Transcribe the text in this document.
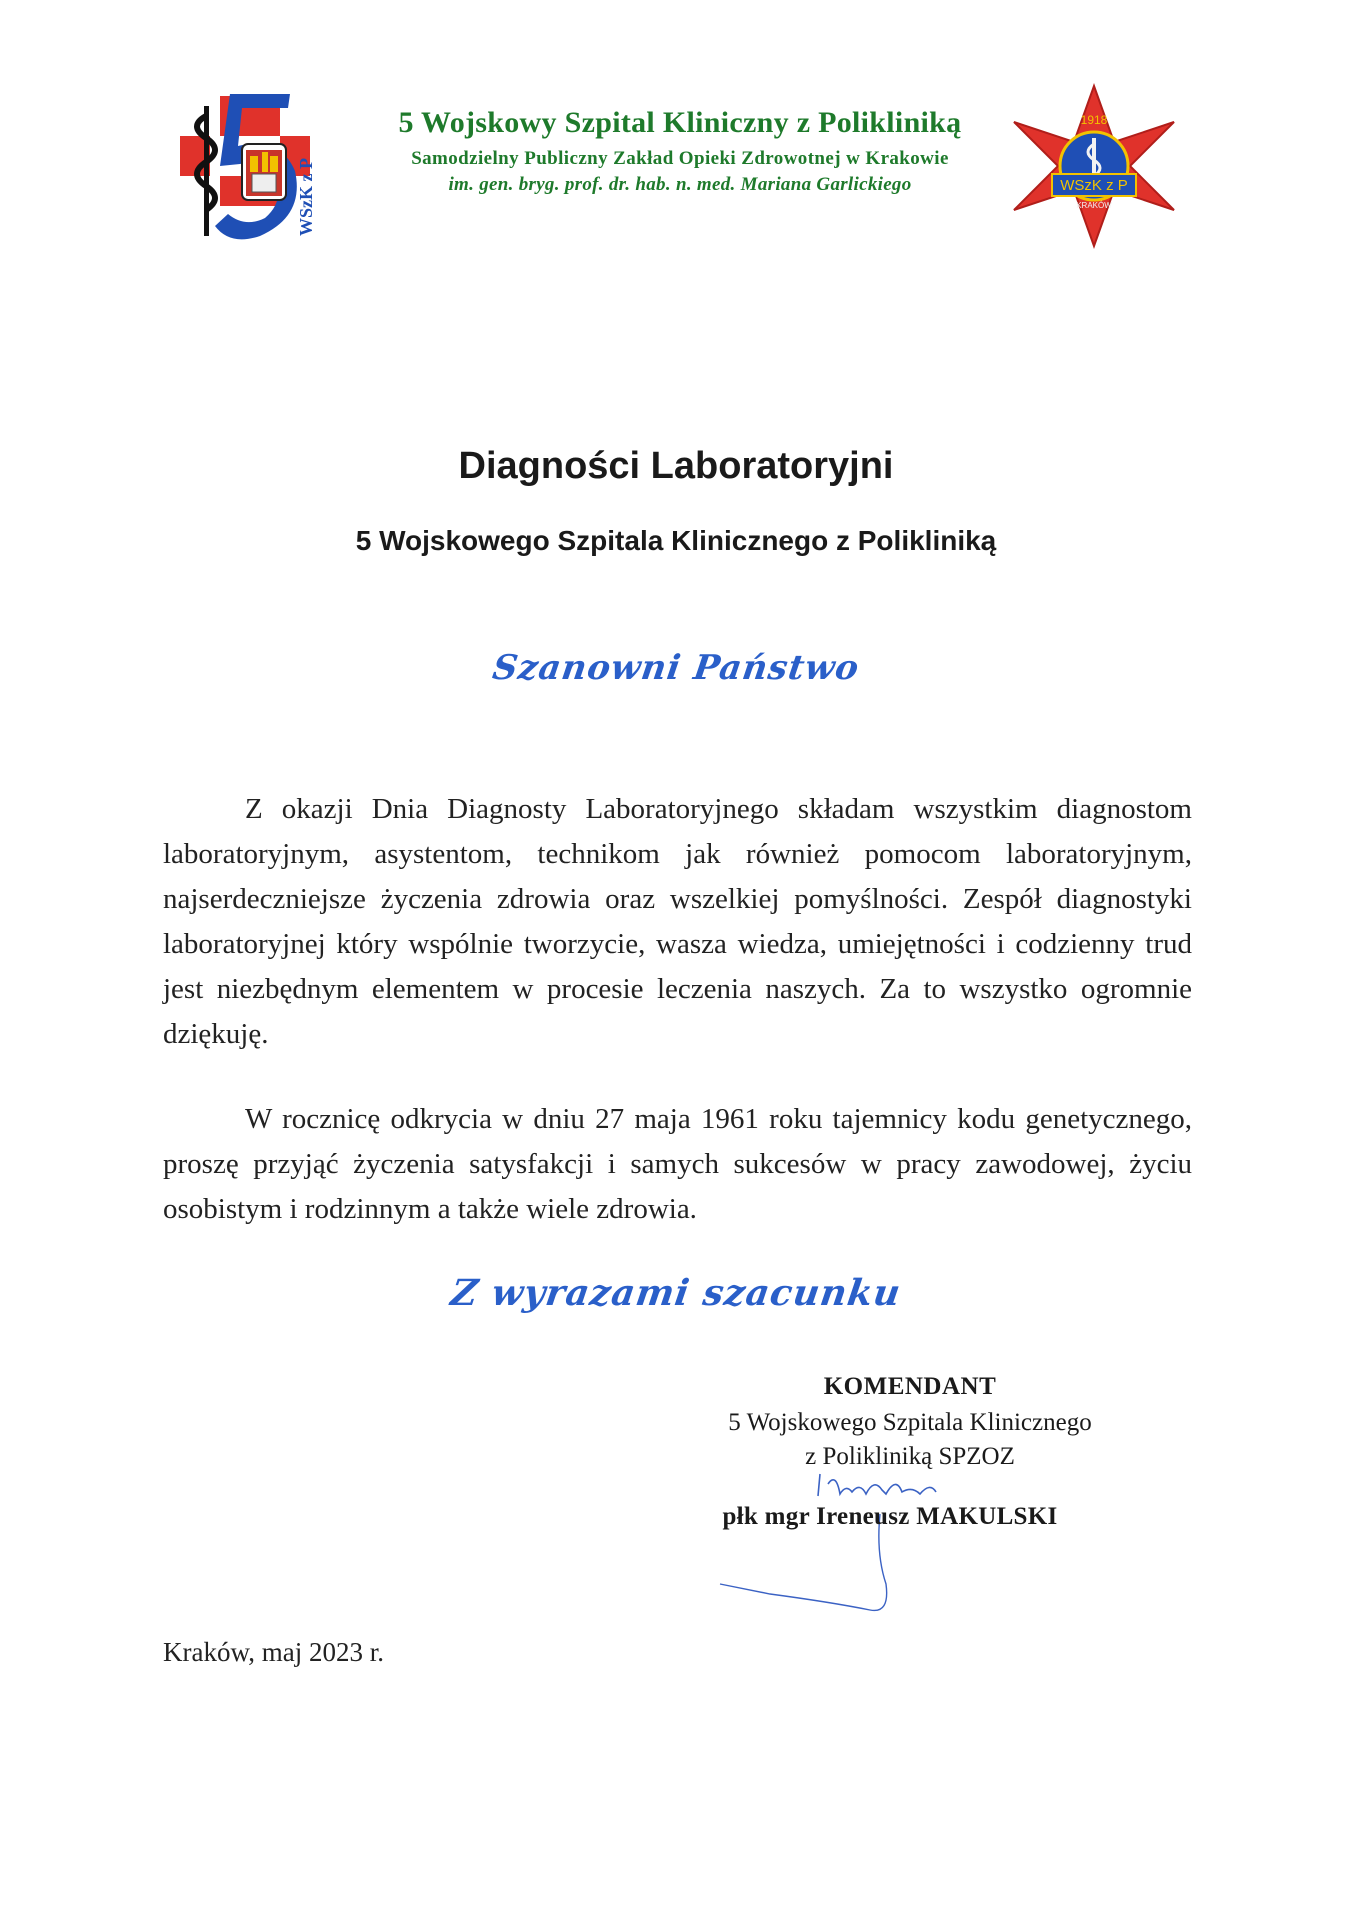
WSzK z P
5 Wojskowy Szpital Kliniczny z Polikliniką
Samodzielny Publiczny Zakład Opieki Zdrowotnej w Krakowie
im. gen. bryg. prof. dr. hab. n. med. Mariana Garlickiego
1918
WSzK z P
KRAKÓW
Diagności Laboratoryjni
5 Wojskowego Szpitala Klinicznego z Polikliniką
Szanowni Państwo

Z okazji Dnia Diagnosty Laboratoryjnego składam wszystkim diagnostom laboratoryjnym, asystentom, technikom jak również pomocom laboratoryjnym, najserdeczniejsze życzenia zdrowia oraz wszelkiej pomyślności. Zespół diagnostyki laboratoryjnej który wspólnie tworzycie, wasza wiedza, umiejętności i codzienny trud jest niezbędnym elementem w procesie leczenia naszych. Za to wszystko ogromnie dziękuję.

W rocznicę odkrycia w dniu 27 maja 1961 roku tajemnicy kodu genetycznego, proszę przyjąć życzenia satysfakcji i samych sukcesów w pracy zawodowej, życiu osobistym i rodzinnym a także wiele zdrowia.

Z wyrazami szacunku
KOMENDANT
5 Wojskowego Szpitala Klinicznego
z Polikliniką SPZOZ
płk mgr Ireneusz MAKULSKI
Kraków, maj 2023 r.
